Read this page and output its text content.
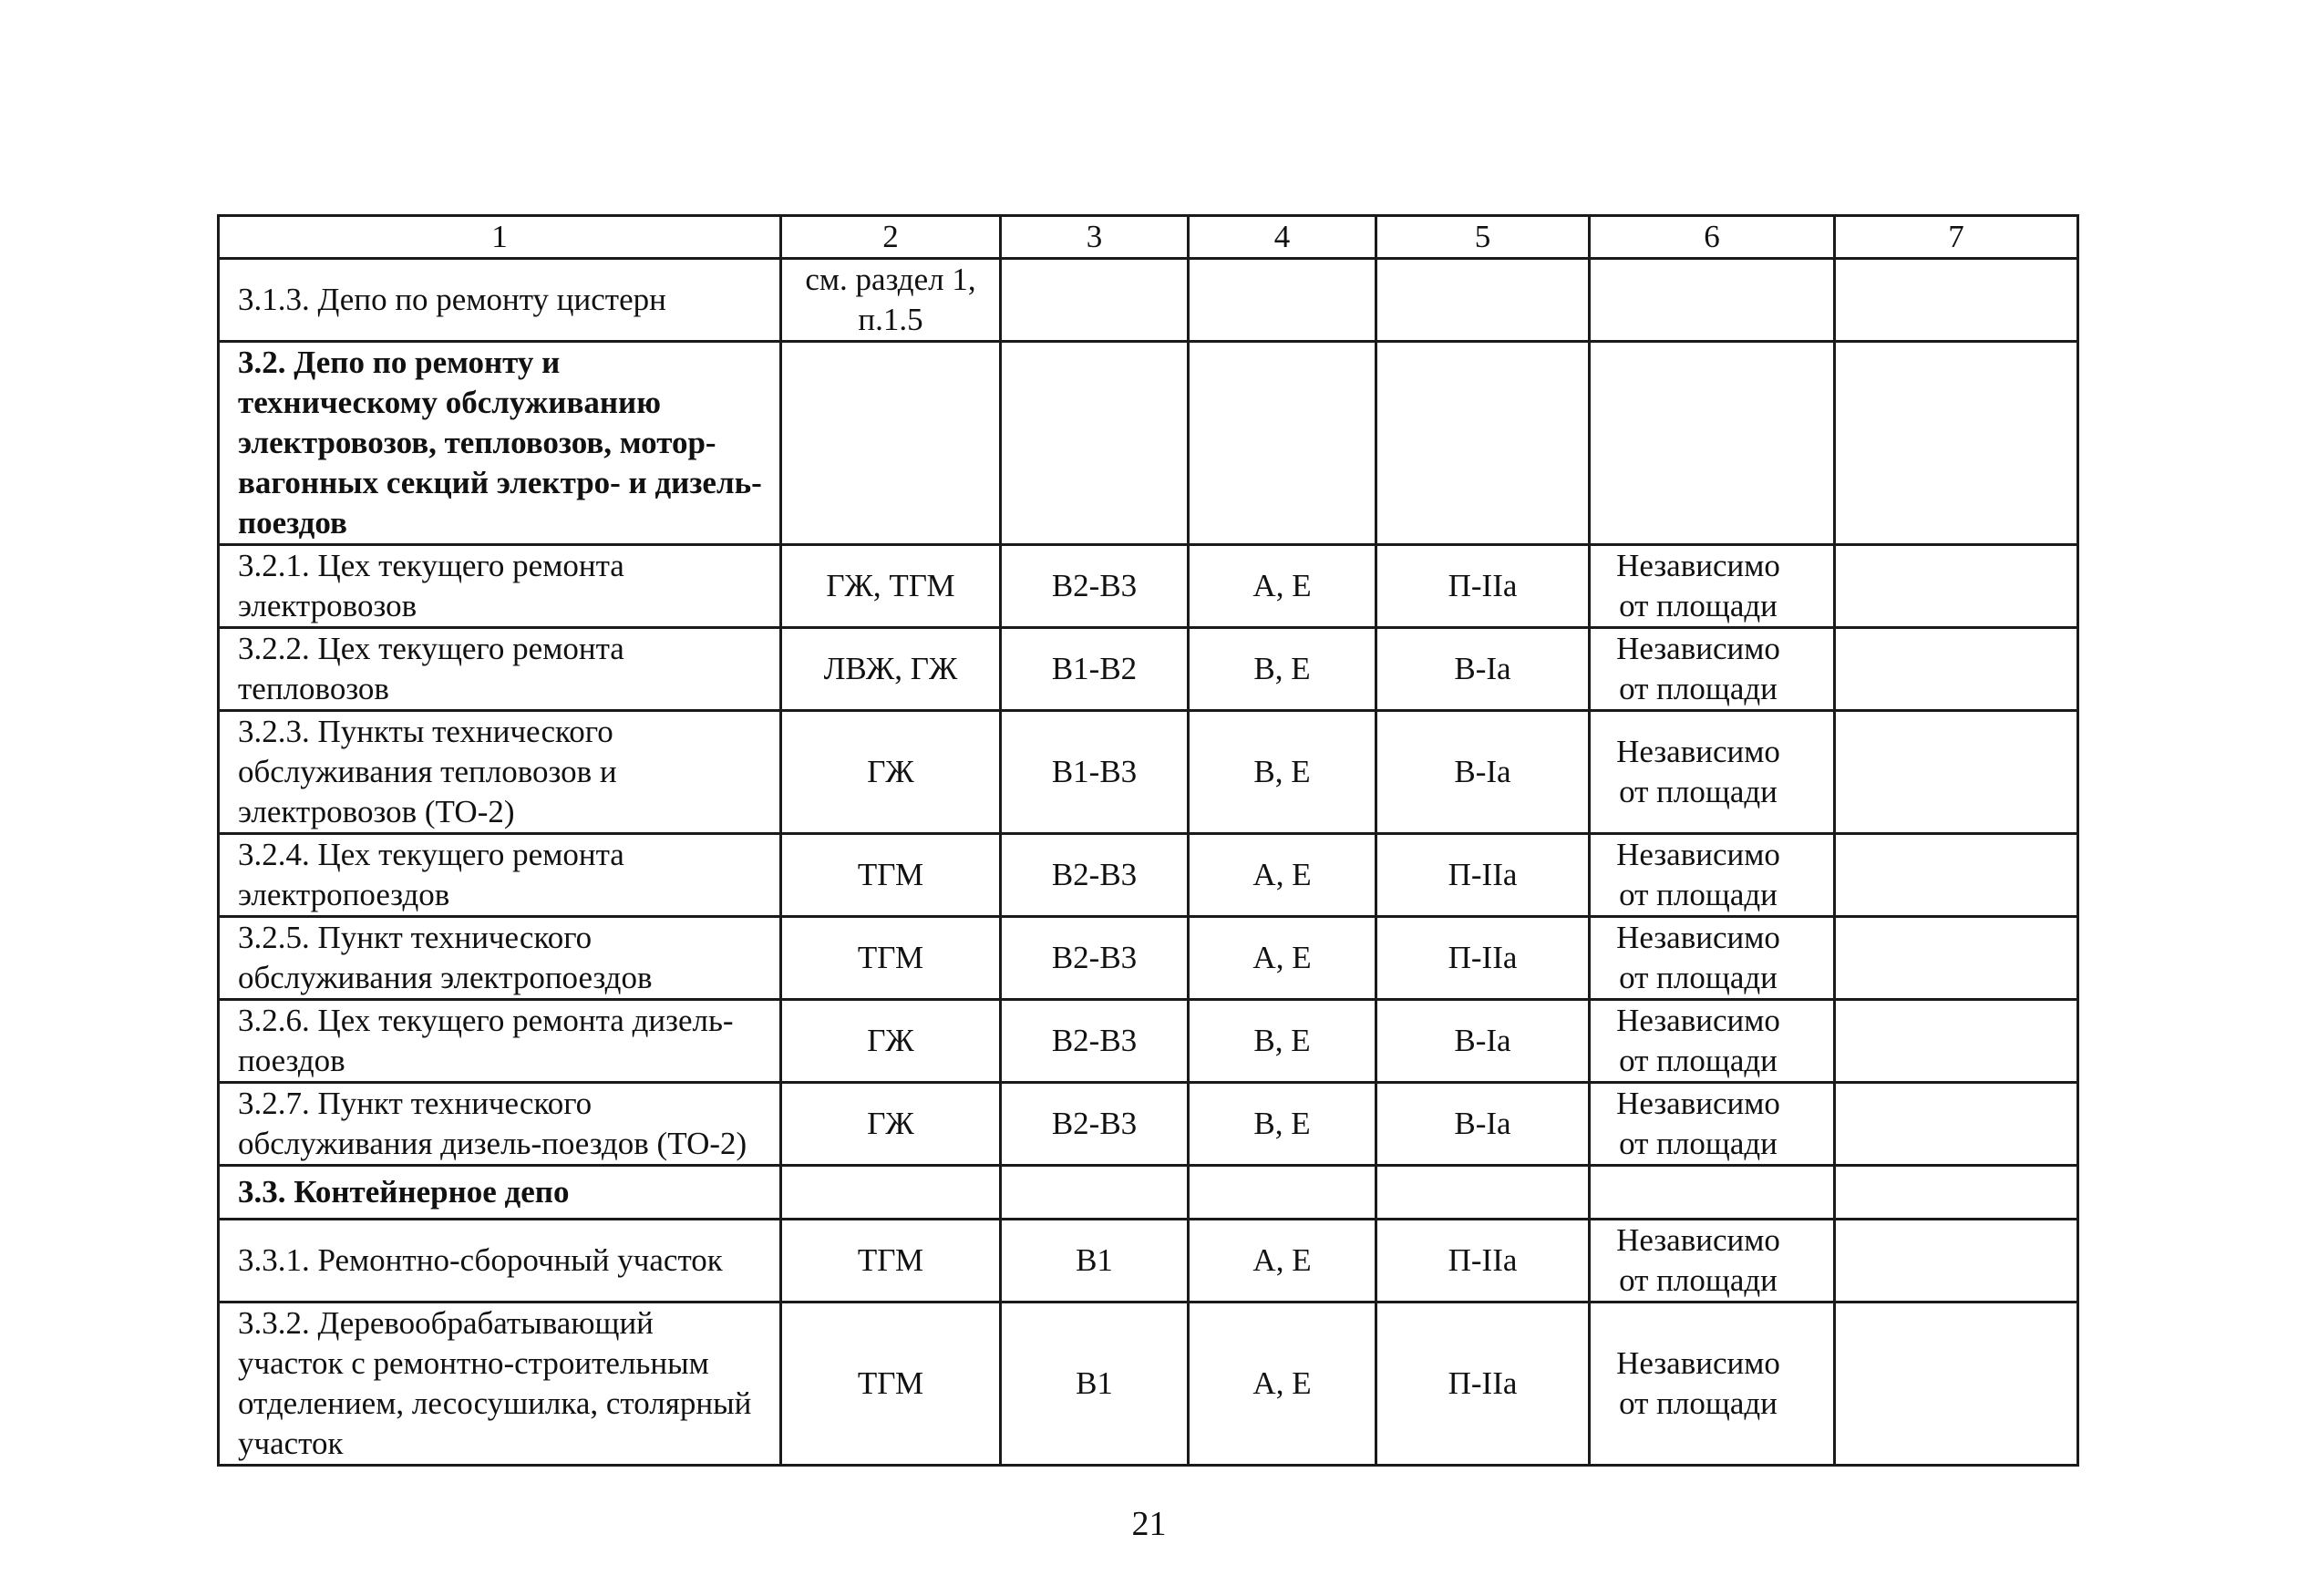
1	2	3	4	5	6	7
3.1.3. Депо по ремонту цистерн	см. раздел 1, п.1.5					
3.2. Депо по ремонту и техническому обслуживанию электровозов, тепловозов, мотор-вагонных секций электро- и дизель-поездов						
3.2.1. Цех текущего ремонта электровозов	ГЖ, ТГМ	В2-В3	А, Е	П-IIа	Независимо от площади	
3.2.2. Цех текущего ремонта тепловозов	ЛВЖ, ГЖ	В1-В2	В, Е	В-Iа	Независимо от площади	
3.2.3. Пункты технического обслуживания тепловозов и электровозов (ТО-2)	ГЖ	В1-В3	В, Е	В-Iа	Независимо от площади	
3.2.4. Цех текущего ремонта электропоездов	ТГМ	В2-В3	А, Е	П-IIа	Независимо от площади	
3.2.5. Пункт технического обслуживания электропоездов	ТГМ	В2-В3	А, Е	П-IIа	Независимо от площади	
3.2.6. Цех текущего ремонта дизель-поездов	ГЖ	В2-В3	В, Е	В-Iа	Независимо от площади	
3.2.7. Пункт технического обслуживания дизель-поездов (ТО-2)	ГЖ	В2-В3	В, Е	В-Iа	Независимо от площади	
3.3. Контейнерное депо						
3.3.1. Ремонтно-сборочный участок	ТГМ	В1	А, Е	П-IIа	Независимо от площади	
3.3.2. Деревообрабатывающий участок с ремонтно-строительным отделением, лесосушилка, столярный участок	ТГМ	В1	А, Е	П-IIа	Независимо от площади	
21
